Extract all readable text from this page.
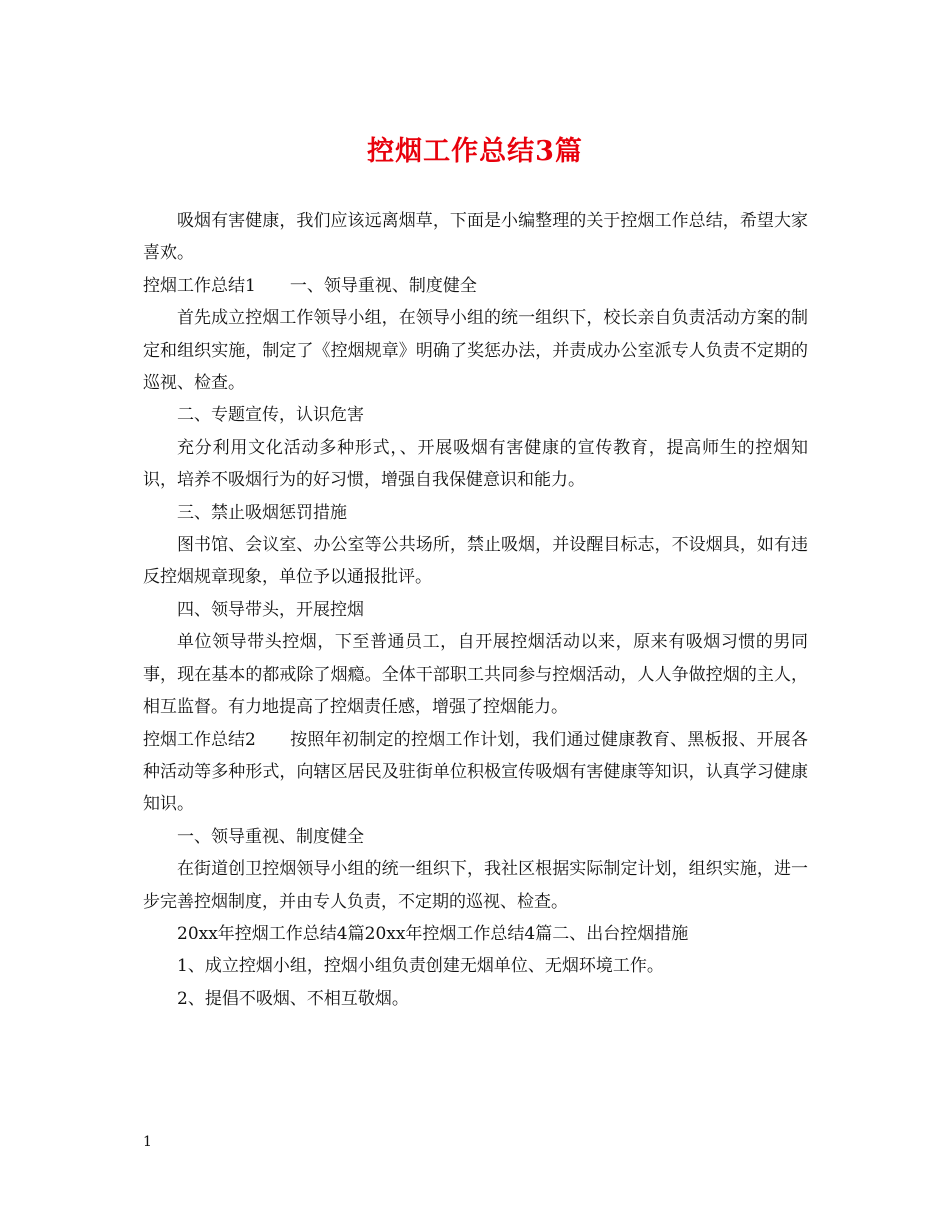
控烟工作总结3篇

吸烟有害健康，我们应该远离烟草，下面是小编整理的关于控烟工作总结，希望大家喜欢。

控烟工作总结1 一、领导重视、制度健全

首先成立控烟工作领导小组，在领导小组的统一组织下，校长亲自负责活动方案的制定和组织实施，制定了《控烟规章》明确了奖惩办法，并责成办公室派专人负责不定期的巡视、检查。

二、专题宣传，认识危害

充分利用文化活动多种形式，、开展吸烟有害健康的宣传教育，提高师生的控烟知识，培养不吸烟行为的好习惯，增强自我保健意识和能力。

三、禁止吸烟惩罚措施

图书馆、会议室、办公室等公共场所，禁止吸烟，并设醒目标志，不设烟具，如有违反控烟规章现象，单位予以通报批评。

四、领导带头，开展控烟

单位领导带头控烟，下至普通员工，自开展控烟活动以来，原来有吸烟习惯的男同事，现在基本的都戒除了烟瘾。全体干部职工共同参与控烟活动，人人争做控烟的主人，相互监督。有力地提高了控烟责任感，增强了控烟能力。

控烟工作总结2 按照年初制定的控烟工作计划，我们通过健康教育、黑板报、开展各种活动等多种形式，向辖区居民及驻街单位积极宣传吸烟有害健康等知识，认真学习健康知识。

一、领导重视、制度健全

在街道创卫控烟领导小组的统一组织下，我社区根据实际制定计划，组织实施，进一步完善控烟制度，并由专人负责，不定期的巡视、检查。

20xx年控烟工作总结4篇20xx年控烟工作总结4篇二、出台控烟措施

1、成立控烟小组，控烟小组负责创建无烟单位、无烟环境工作。

2、提倡不吸烟、不相互敬烟。

1
